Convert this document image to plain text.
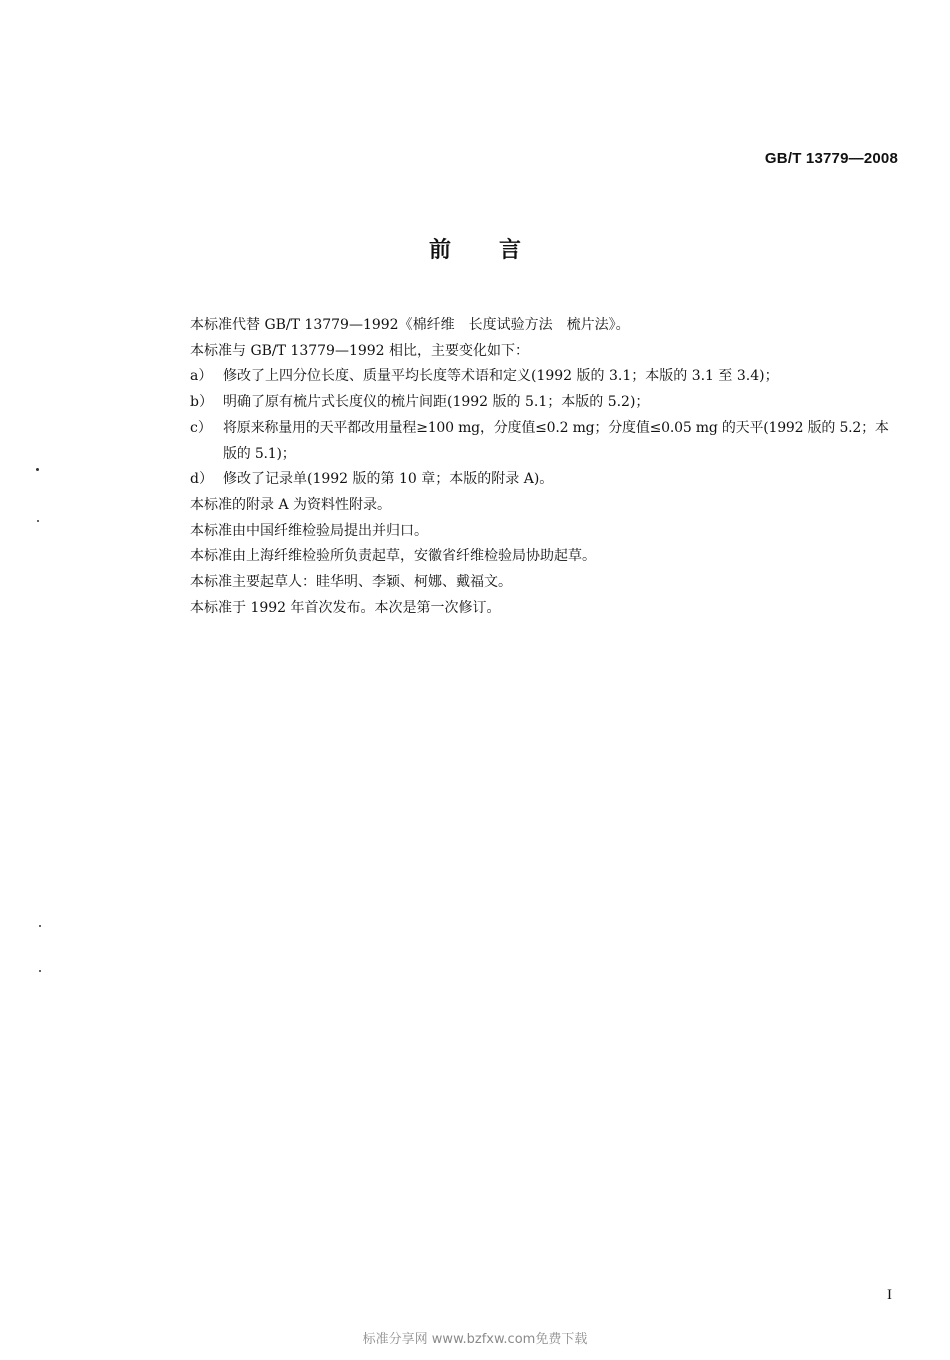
GB/T 13779—2008
前言

本标准代替 GB/T 13779—1992《棉纤维　长度试验方法　梳片法》。

本标准与 GB/T 13779—1992 相比，主要变化如下：

a） 修改了上四分位长度、质量平均长度等术语和定义(1992 版的 3.1；本版的 3.1 至 3.4)；
b） 明确了原有梳片式长度仪的梳片间距(1992 版的 5.1；本版的 5.2)；
c） 将原来称量用的天平都改用量程≥100 mg，分度值≤0.2 mg；分度值≤0.05 mg 的天平(1992 版的 5.2；本版的 5.1)；
d） 修改了记录单(1992 版的第 10 章；本版的附录 A)。

本标准的附录 A 为资料性附录。

本标准由中国纤维检验局提出并归口。

本标准由上海纤维检验所负责起草，安徽省纤维检验局协助起草。

本标准主要起草人：眭华明、李颖、柯娜、戴福文。

本标准于 1992 年首次发布。本次是第一次修订。

I
标准分享网 www.bzfxw.com免费下载
